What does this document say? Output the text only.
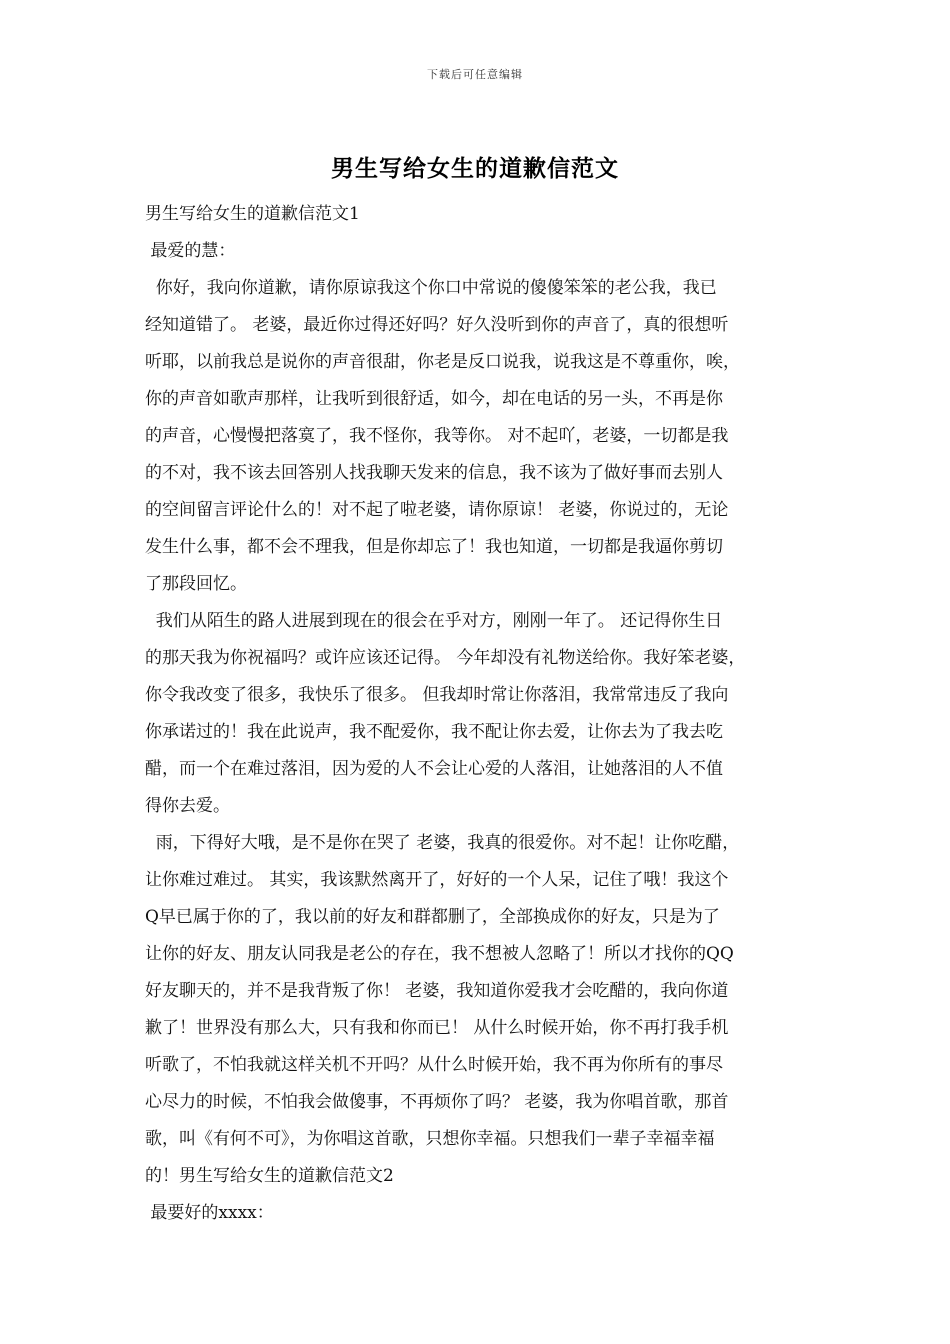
下载后可任意编辑
男生写给女生的道歉信范文
男生写给女生的道歉信范文1
最爱的慧：
你好，我向你道歉，请你原谅我这个你口中常说的傻傻笨笨的老公我，我已
经知道错了。 老婆，最近你过得还好吗？好久没听到你的声音了，真的很想听
听耶，以前我总是说你的声音很甜，你老是反口说我，说我这是不尊重你，唉，
你的声音如歌声那样，让我听到很舒适，如今，却在电话的另一头，不再是你
的声音，心慢慢把落寞了，我不怪你，我等你。 对不起吖，老婆，一切都是我
的不对，我不该去回答别人找我聊天发来的信息，我不该为了做好事而去别人
的空间留言评论什么的！对不起了啦老婆，请你原谅！ 老婆，你说过的，无论
发生什么事，都不会不理我，但是你却忘了！我也知道，一切都是我逼你剪切
了那段回忆。
我们从陌生的路人进展到现在的很会在乎对方，刚刚一年了。 还记得你生日
的那天我为你祝福吗？或许应该还记得。 今年却没有礼物送给你。我好笨老婆，
你令我改变了很多，我快乐了很多。 但我却时常让你落泪，我常常违反了我向
你承诺过的！我在此说声，我不配爱你，我不配让你去爱，让你去为了我去吃
醋，而一个在难过落泪，因为爱的人不会让心爱的人落泪，让她落泪的人不值
得你去爱。
雨，下得好大哦，是不是你在哭了 老婆，我真的很爱你。对不起！让你吃醋，
让你难过难过。 其实，我该默然离开了，好好的一个人呆，记住了哦！我这个
Q早已属于你的了，我以前的好友和群都删了，全部换成你的好友，只是为了
让你的好友、朋友认同我是老公的存在，我不想被人忽略了！所以才找你的QQ
好友聊天的，并不是我背叛了你！ 老婆，我知道你爱我才会吃醋的，我向你道
歉了！世界没有那么大，只有我和你而已！ 从什么时候开始，你不再打我手机
听歌了，不怕我就这样关机不开吗？从什么时候开始，我不再为你所有的事尽
心尽力的时候，不怕我会做傻事，不再烦你了吗？ 老婆，我为你唱首歌，那首
歌，叫《有何不可》，为你唱这首歌，只想你幸福。只想我们一辈子幸福幸福
的！男生写给女生的道歉信范文2
最要好的xxxx：
